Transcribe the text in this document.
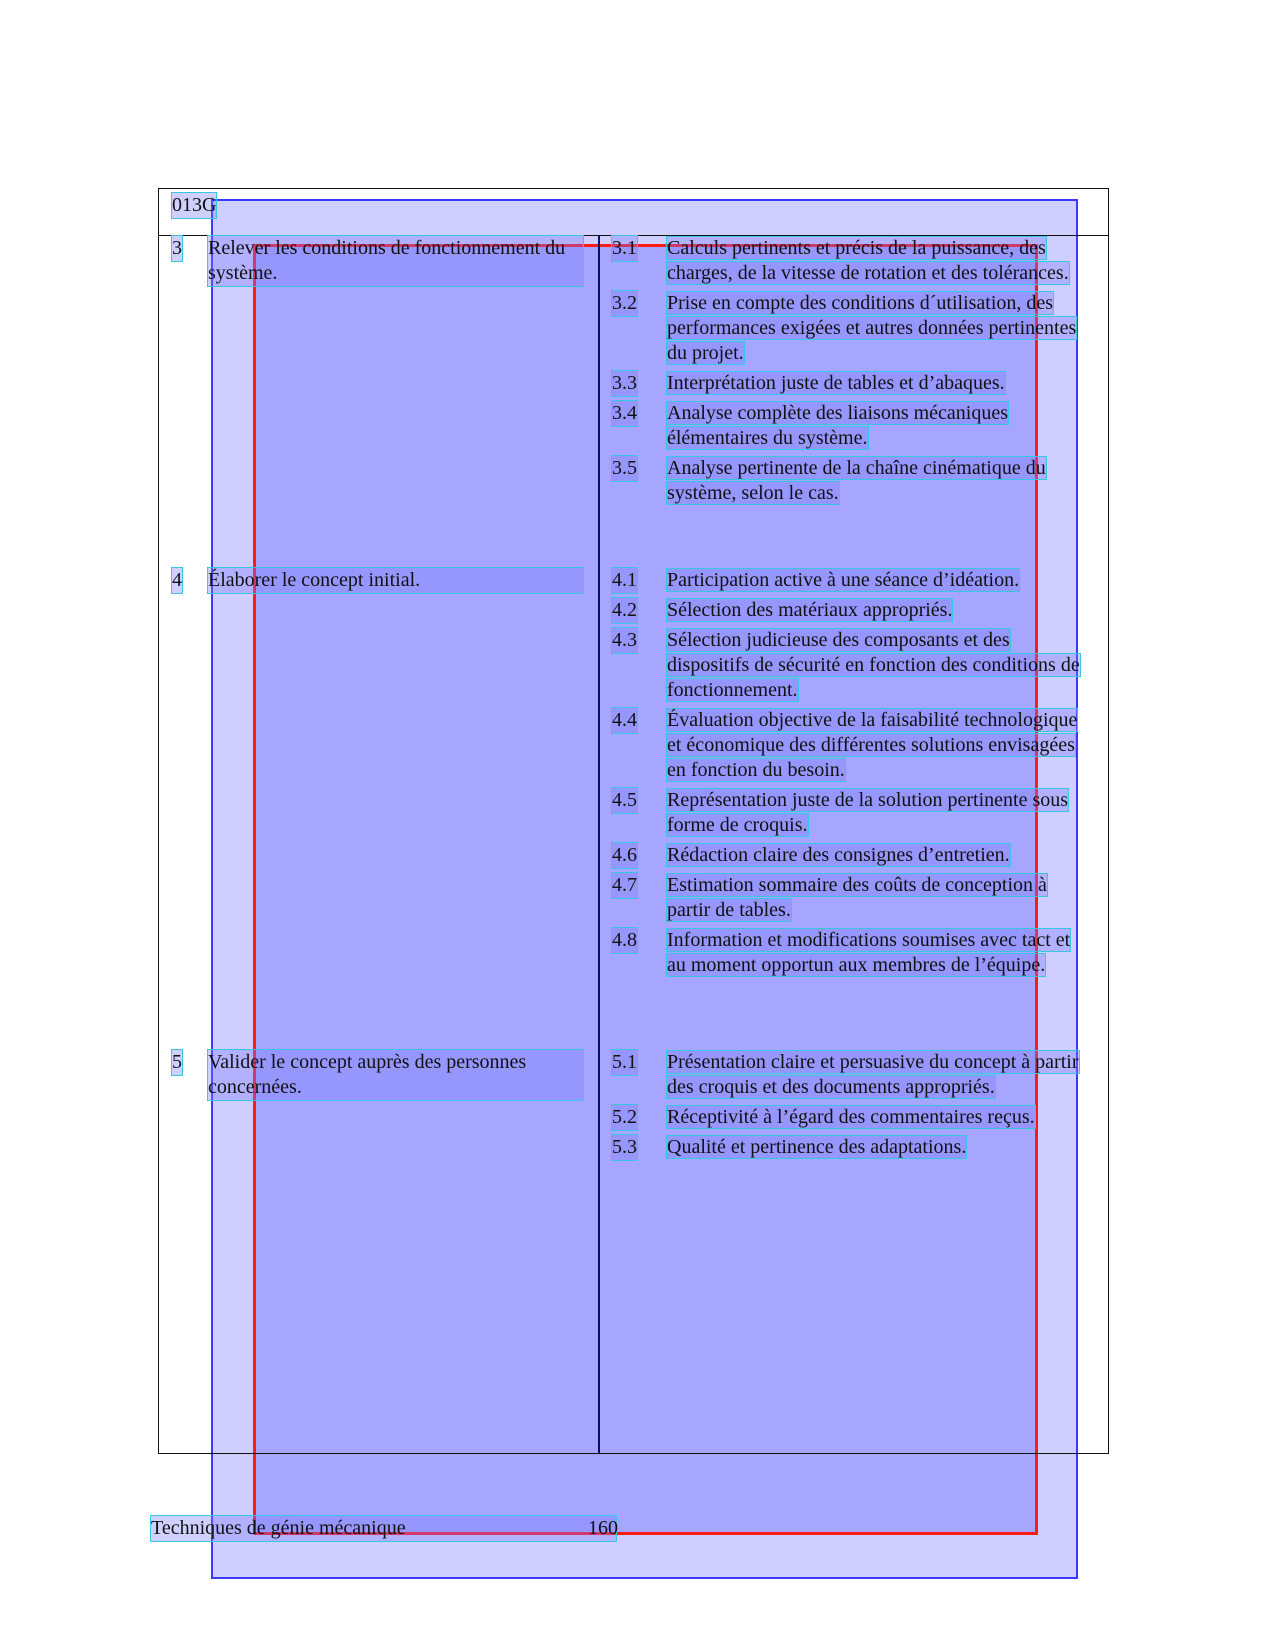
013G
3 Relever les conditions de fonctionnement du système.
3.1 Calculs pertinents et précis de la puissance, des charges, de la vitesse de rotation et des tolérances.
3.2 Prise en compte des conditions d´utilisation, des performances exigées et autres données pertinentes du projet.
3.3 Interprétation juste de tables et d’abaques.
3.4 Analyse complète des liaisons mécaniques élémentaires du système.
3.5 Analyse pertinente de la chaîne cinématique du système, selon le cas.
4 Élaborer le concept initial.	4.1 Participation active à une séance d’idéation.
4.2 Sélection des matériaux appropriés.
4.3 Sélection judicieuse des composants et des dispositifs de sécurité en fonction des conditions de fonctionnement.
4.4 Évaluation objective de la faisabilité technologique et économique des différentes solutions envisagées en fonction du besoin.
4.5 Représentation juste de la solution pertinente sous forme de croquis.
4.6 Rédaction claire des consignes d’entretien.
4.7 Estimation sommaire des coûts de conception à partir de tables.
4.8 Information et modifications soumises avec tact et au moment opportun aux membres de l’équipe.
5 Valider le concept auprès des personnes concernées.
5.1 Présentation claire et persuasive du concept à partir des croquis et des documents appropriés.
5.2 Réceptivité à l’égard des commentaires reçus.
5.3 Qualité et pertinence des adaptations.
Techniques de génie mécanique	160
